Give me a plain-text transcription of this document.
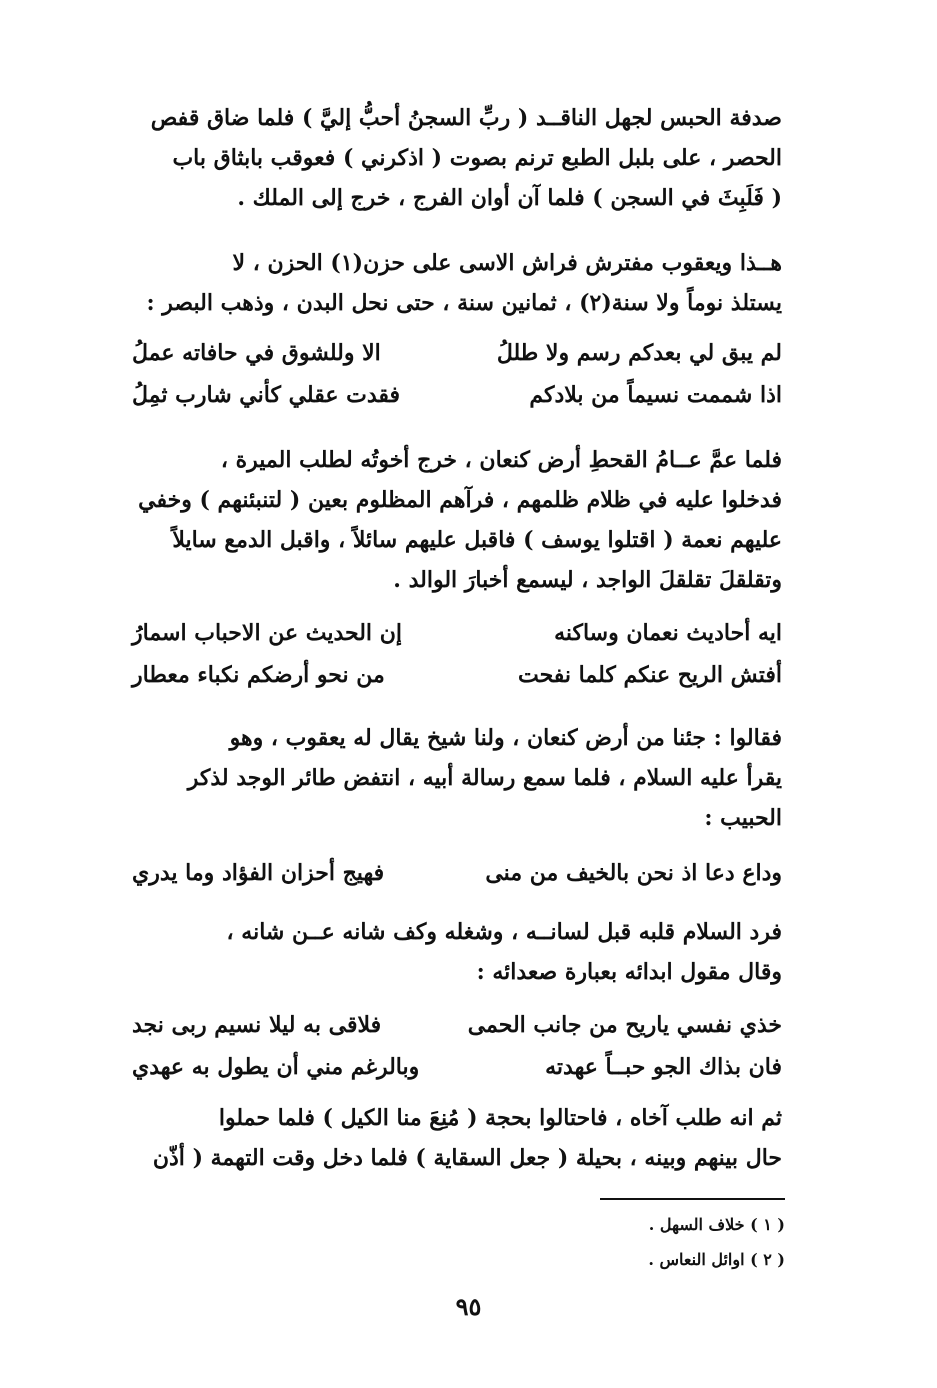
صدفة الحبس لجهل الناقــد ( ربِّ السجنُ أحبُّ إليَّ ) فلما ضاق قفص
الحصر ، على بلبل الطبع ترنم بصوت ( اذكرني ) فعوقب بابثاق باب
( فَلَبِثَ في السجن ) فلما آن أوان الفرج ، خرج إلى الملك .
هــذا ويعقوب مفترش فراش الاسى على حزن(١) الحزن ، لا
يستلذ نوماً ولا سنة(٢) ، ثمانين سنة ، حتى نحل البدن ، وذهب البصر :
لم يبق لي بعدكم رسم ولا طللُ
الا وللشوق في حافاته عملُ
اذا شممت نسيماً من بلادكم
فقدت عقلي كأني شارب ثمِلُ
فلما عمَّ عــامُ القحطِ أرض كنعان ، خرج أخوتُه لطلب الميرة ،
فدخلوا عليه في ظلام ظلمهم ، فرآهم المظلوم بعين ( لتنبئنهم ) وخفي
عليهم نعمة ( اقتلوا يوسف ) فاقبل عليهم سائلاً ، واقبل الدمع سايلاً
وتقلقلَ تقلقلَ الواجد ، ليسمع أخبارَ الوالد .
ايه أحاديث نعمان وساكنه
إن الحديث عن الاحباب اسمارُ
أفتش الريح عنكم كلما نفحت
من نحو أرضكم نكباء معطار
فقالوا : جئنا من أرض كنعان ، ولنا شيخ يقال له يعقوب ، وهو
يقرأ عليه السلام ، فلما سمع رسالة أبيه ، انتفض طائر الوجد لذكر
الحبيب :
وداع دعا اذ نحن بالخيف من منى
فهيج أحزان الفؤاد وما يدري
فرد السلام قلبه قبل لسانــه ، وشغله وكف شانه عــن شانه ،
وقال مقول ابدائه بعبارة صعدائه :
خذي نفسي ياريح من جانب الحمى
فلاقى به ليلا نسيم ربى نجد
فان بذاك الجو حبــاً عهدته
وبالرغم مني أن يطول به عهدي
ثم انه طلب آخاه ، فاحتالوا بحجة ( مُنِعَ منا الكيل ) فلما حملوا
حال بينهم وبينه ، بحيلة ( جعل السقاية ) فلما دخل وقت التهمة ( أذّن
( ١ ) خلاف السهل .
( ٢ ) اوائل النعاس .
٩٥
